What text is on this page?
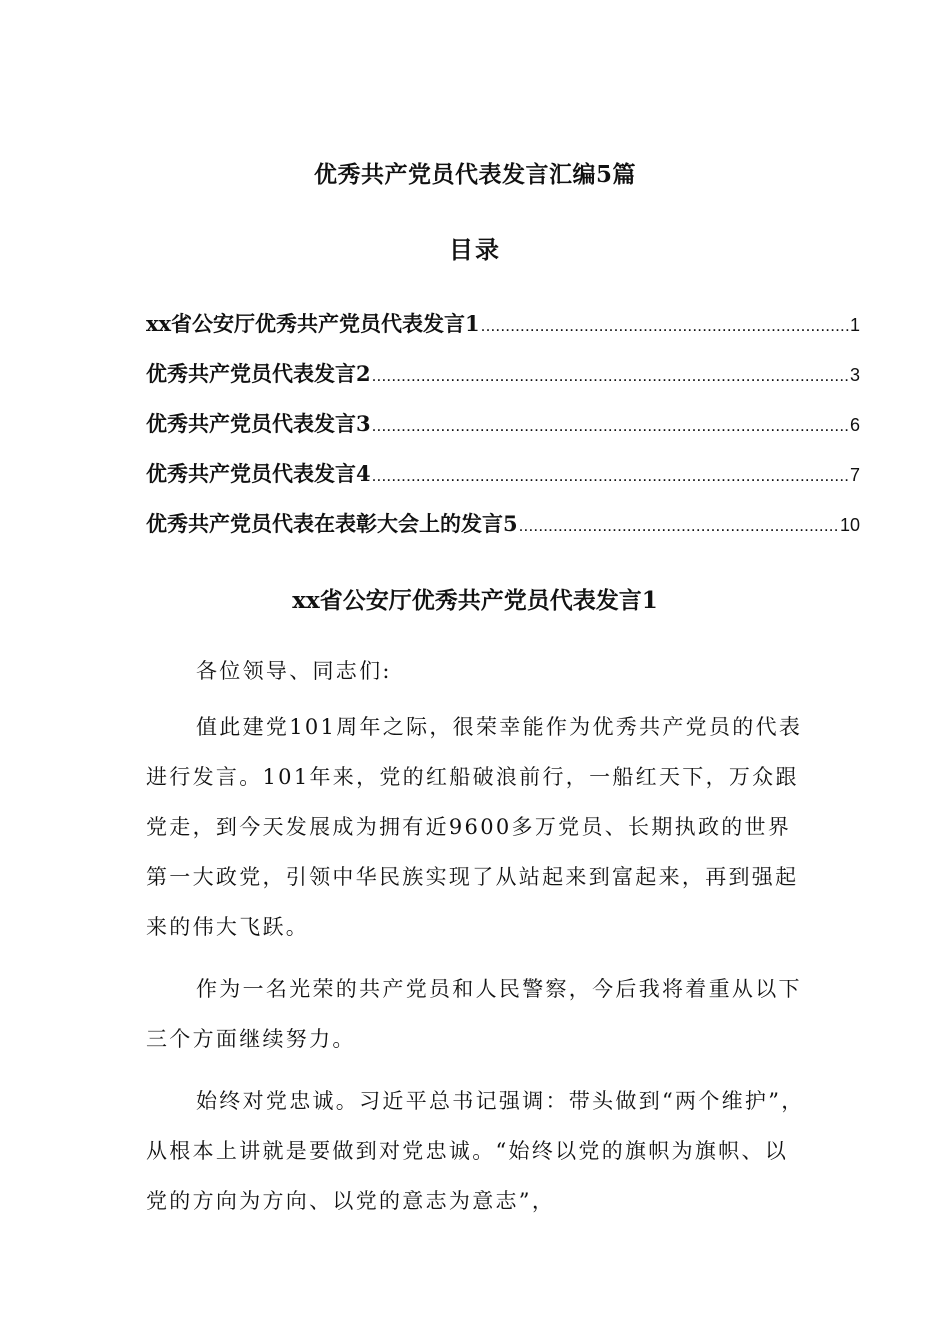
优秀共产党员代表发言汇编5篇
目录
xx省公安厅优秀共产党员代表发言1 .....	1
优秀共产党员代表发言2 .....	3
优秀共产党员代表发言3 .....	6
优秀共产党员代表发言4 .....	7
优秀共产党员代表在表彰大会上的发言5 .....	10
xx省公安厅优秀共产党员代表发言1

各位领导、同志们:

值此建党101周年之际，很荣幸能作为优秀共产党员的代表进行发言。101年来，党的红船破浪前行，一船红天下，万众跟党走，到今天发展成为拥有近9600多万党员、长期执政的世界第一大政党，引领中华民族实现了从站起来到富起来，再到强起来的伟大飞跃。

作为一名光荣的共产党员和人民警察，今后我将着重从以下三个方面继续努力。

始终对党忠诚。习近平总书记强调：带头做到“两个维护”，从根本上讲就是要做到对党忠诚。“始终以党的旗帜为旗帜、以党的方向为方向、以党的意志为意志”，
